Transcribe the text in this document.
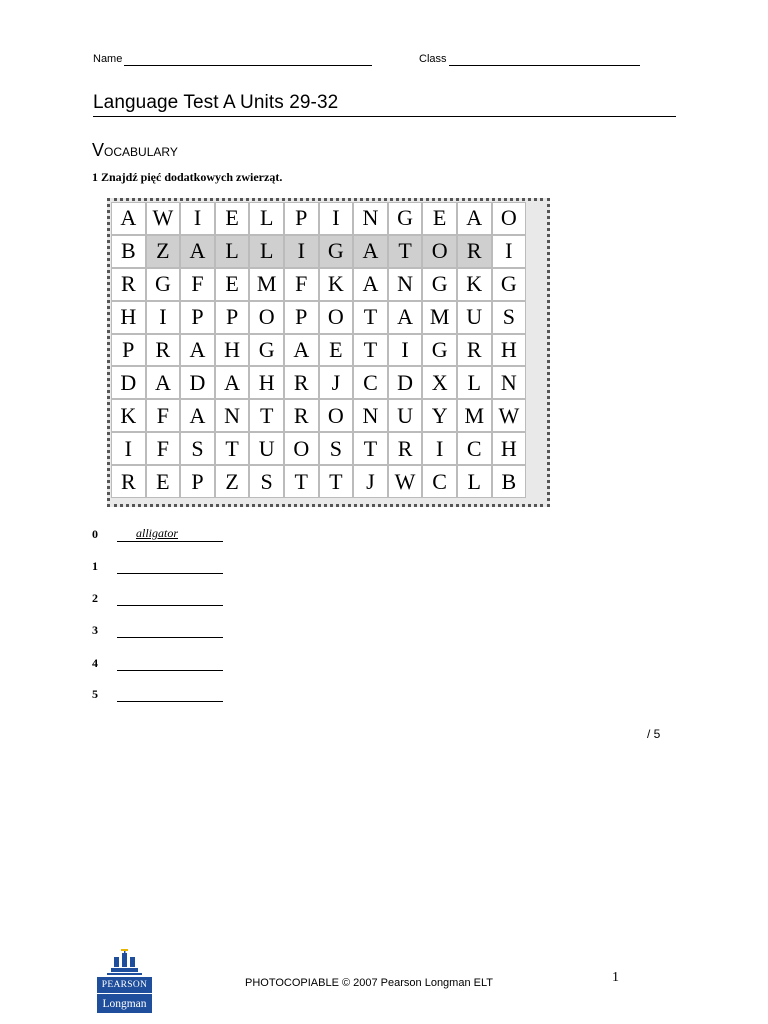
Name	Class
Language Test A Units 29-32
VOCABULARY
1 Znajdź pięć dodatkowych zwierząt.
A W I	E L P	I	N G E A O
B Z A L L	I	G A T O R	I
R G F E M F K A N G K G
H	I	P	P O P O T A M U S
P R A H G A E T	I	G R H
D A D A H R	J	C D X L N
K F A N T R O N U Y M W
I	F	S T U O S T R	I	C H
R E P Z S T T	J W C L B
0	alligator
1
2
3
4
5
/ 5
PEARSON
Longman
PHOTOCOPIABLE © 2007 Pearson Longman ELT	1
